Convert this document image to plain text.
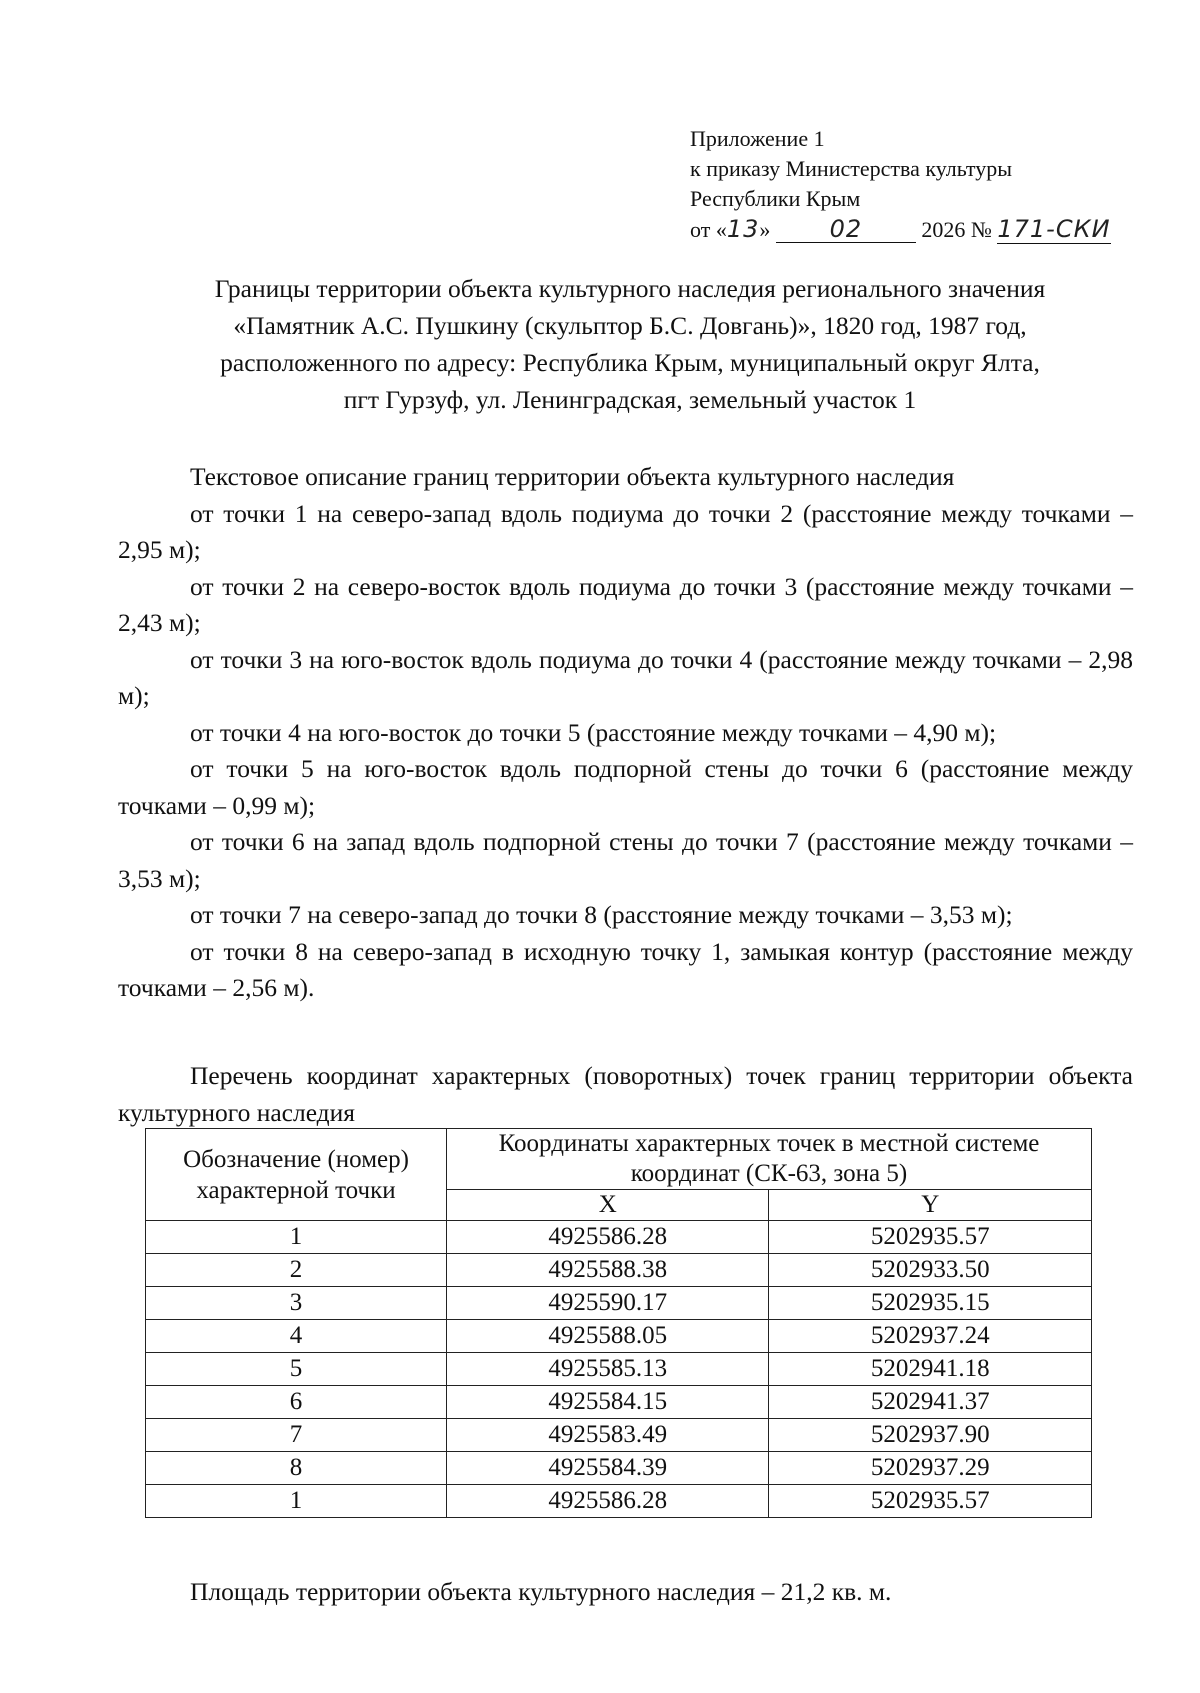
Приложение 1
к приказу Министерства культуры
Республики Крым
от «13» 02	2026 № 171-СКИ
Границы территории объекта культурного наследия регионального значения
«Памятник А.С. Пушкину (скульптор Б.С. Довгань)», 1820 год, 1987 год,
расположенного по адресу: Республика Крым, муниципальный округ Ялта,
пгт Гурзуф, ул. Ленинградская, земельный участок 1

Текстовое описание границ территории объекта культурного наследия

от точки 1 на северо-запад вдоль подиума до точки 2 (расстояние между точками – 2,95 м);

от точки 2 на северо-восток вдоль подиума до точки 3 (расстояние между точками – 2,43 м);

от точки 3 на юго-восток вдоль подиума до точки 4 (расстояние между точками – 2,98 м);

от точки 4 на юго-восток до точки 5 (расстояние между точками – 4,90 м);

от точки 5 на юго-восток вдоль подпорной стены до точки 6 (расстояние между точками – 0,99 м);

от точки 6 на запад вдоль подпорной стены до точки 7 (расстояние между точками – 3,53 м);

от точки 7 на северо-запад до точки 8 (расстояние между точками – 3,53 м);

от точки 8 на северо-запад в исходную точку 1, замыкая контур (расстояние между точками – 2,56 м).

Перечень координат характерных (поворотных) точек границ территории объекта культурного наследия
Обозначение (номер) характерной точки	Координаты характерных точек в местной системе координат (СК-63, зона 5)	
	X	Y
1	4925586.28	5202935.57
2	4925588.38	5202933.50
3	4925590.17	5202935.15
4	4925588.05	5202937.24
5	4925585.13	5202941.18
6	4925584.15	5202941.37
7	4925583.49	5202937.90
8	4925584.39	5202937.29
1	4925586.28	5202935.57
Площадь территории объекта культурного наследия – 21,2 кв. м.
